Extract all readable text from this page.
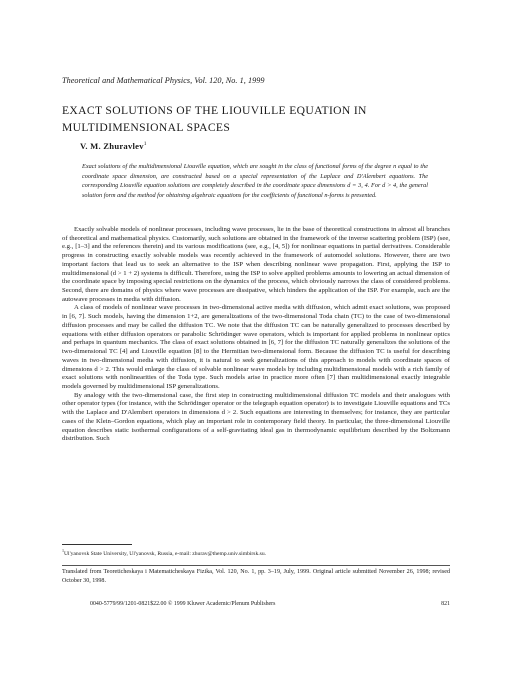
Theoretical and Mathematical Physics, Vol. 120, No. 1, 1999
EXACT SOLUTIONS OF THE LIOUVILLE EQUATION IN
MULTIDIMENSIONAL SPACES
V. M. Zhuravlev$^1$

Exact solutions of the multidimensional Liouville equation, which are sought in the class of functional forms of the degree n equal to the coordinate space dimension, are constructed based on a special representation of the Laplace and D'Alembert equations. The corresponding Liouville equation solutions are completely described in the coordinate space dimensions d = 3, 4. For d > 4, the general solution form and the method for obtaining algebraic equations for the coefficients of functional n-forms is presented.

Exactly solvable models of nonlinear processes, including wave processes, lie in the base of theoretical constructions in almost all branches of theoretical and mathematical physics. Customarily, such solutions are obtained in the framework of the inverse scattering problem (ISP) (see, e.g., [1–3] and the references therein) and its various modifications (see, e.g., [4, 5]) for nonlinear equations in partial derivatives. Considerable progress in constructing exactly solvable models was recently achieved in the framework of automodel solutions. However, there are two important factors that lead us to seek an alternative to the ISP when describing nonlinear wave propagation. First, applying the ISP to multidimensional (d > 1 + 2) systems is difficult. Therefore, using the ISP to solve applied problems amounts to lowering an actual dimension of the coordinate space by imposing special restrictions on the dynamics of the process, which obviously narrows the class of considered problems. Second, there are domains of physics where wave processes are dissipative, which hinders the application of the ISP. For example, such are the autowave processes in media with diffusion.

A class of models of nonlinear wave processes in two-dimensional active media with diffusion, which admit exact solutions, was proposed in [6, 7]. Such models, having the dimension 1+2, are generalizations of the two-dimensional Toda chain (TC) to the case of two-dimensional diffusion processes and may be called the diffusion TC. We note that the diffusion TC can be naturally generalized to processes described by equations with either diffusion operators or parabolic Schrödinger wave operators, which is important for applied problems in nonlinear optics and perhaps in quantum mechanics. The class of exact solutions obtained in [6, 7] for the diffusion TC naturally generalizes the solutions of the two-dimensional TC [4] and Liouville equation [8] to the Hermitian two-dimensional form. Because the diffusion TC is useful for describing waves in two-dimensional media with diffusion, it is natural to seek generalizations of this approach to models with coordinate spaces of dimensions d > 2. This would enlarge the class of solvable nonlinear wave models by including multidimensional models with a rich family of exact solutions with nonlinearities of the Toda type. Such models arise in practice more often [7] than multidimensional exactly integrable models governed by multidimensional ISP generalizations.

By analogy with the two-dimensional case, the first step in constructing multidimensional diffusion TC models and their analogues with other operator types (for instance, with the Schrödinger operator or the telegraph equation operator) is to investigate Liouville equations and TCs with the Laplace and D'Alembert operators in dimensions d > 2. Such equations are interesting in themselves; for instance, they are particular cases of the Klein–Gordon equations, which play an important role in contemporary field theory. In particular, the three-dimensional Liouville equation describes static isothermal configurations of a self-gravitating ideal gas in thermodynamic equilibrium described by the Boltzmann distribution. Such

$^1$Ul'yanovsk State University, Ul'yanovsk, Russia, e-mail: zhurav@themp.univ.simbirsk.su.

Translated from Teoreticheskaya i Matematicheskaya Fizika, Vol. 120, No. 1, pp. 3–19, July, 1999. Original article submitted November 26, 1998; revised October 30, 1998.

0040-5779/99/1201-0821$22.00 © 1999 Kluwer Academic/Plenum Publishers	821
